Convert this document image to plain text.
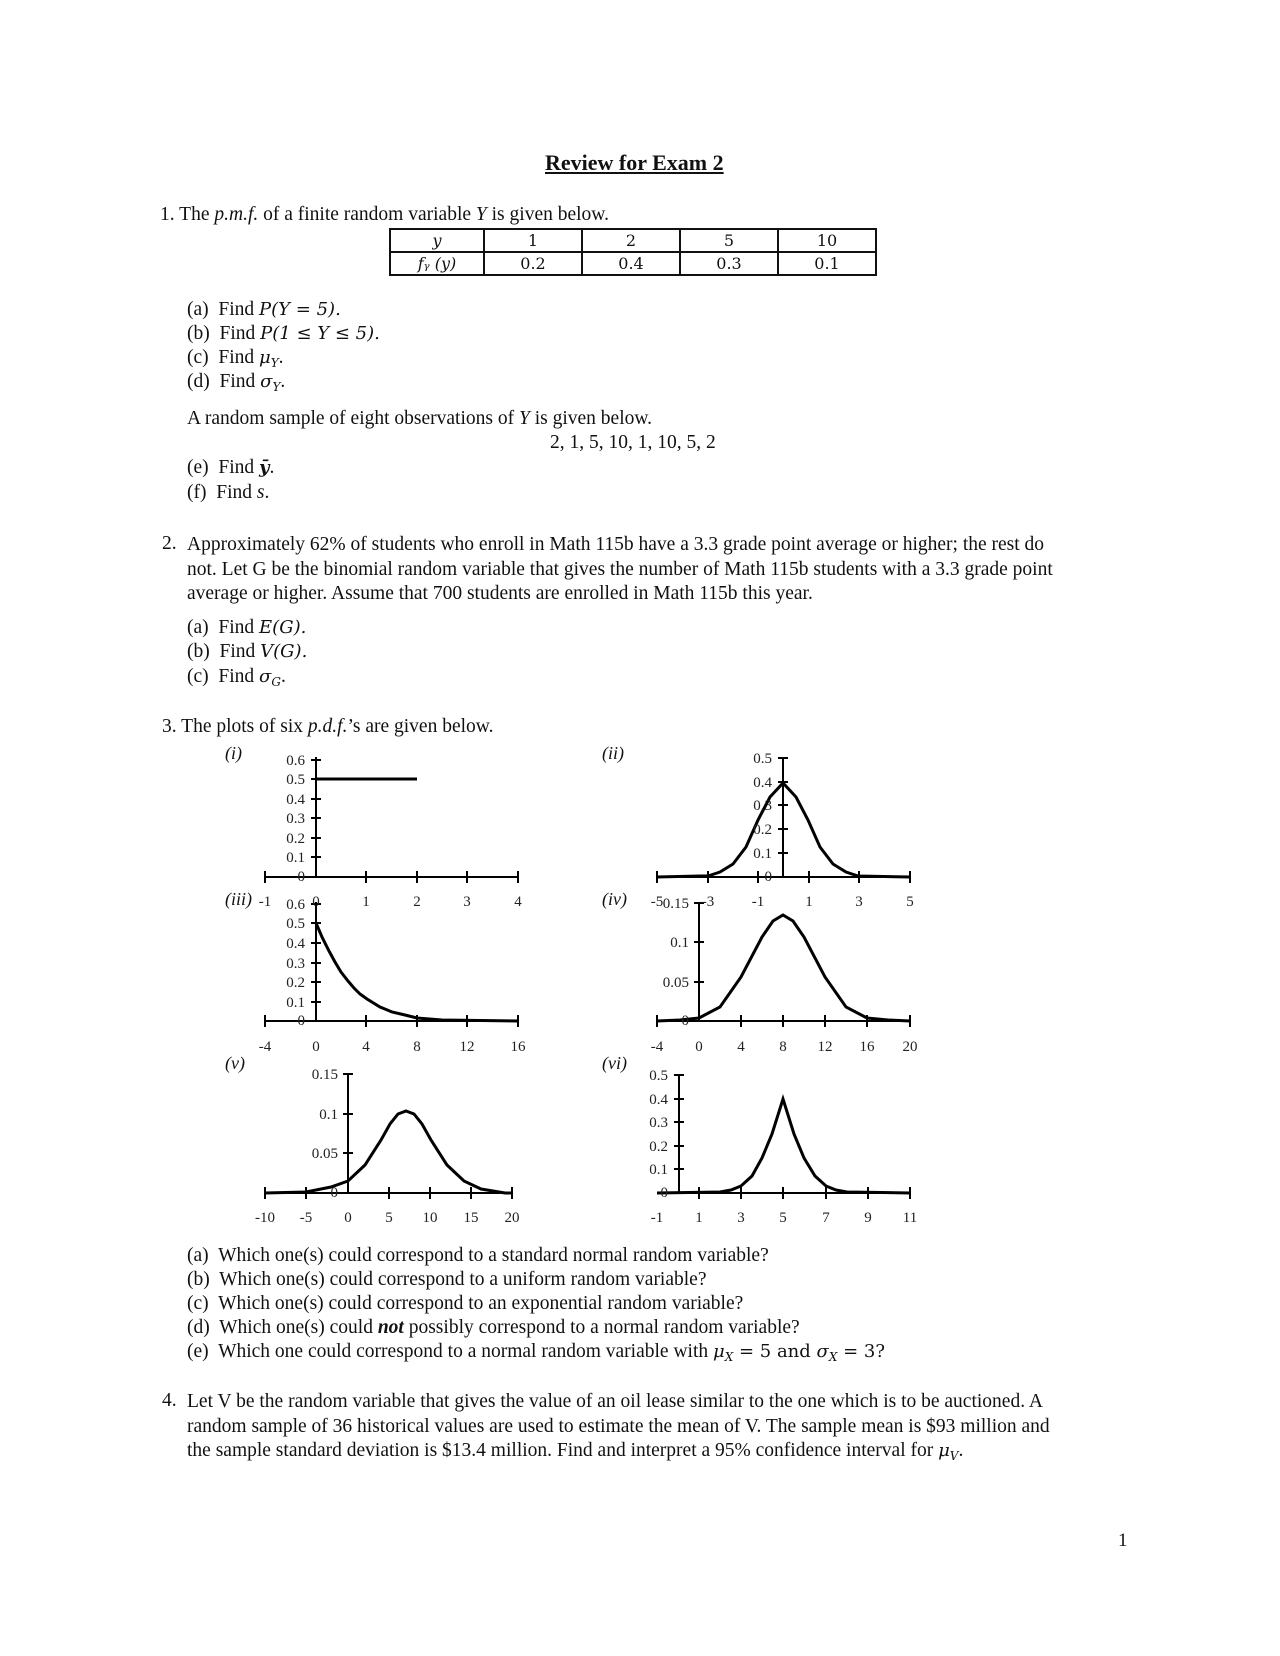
Review for Exam 2
1. The p.m.f. of a finite random variable Y is given below.
y	1	2	5	10
fᵧ (y)	0.2	0.4	0.3	0.1
(a) Find P(Y = 5).
(b) Find P(1 ≤ Y ≤ 5).
(c) Find $\mu_Y$.
(d) Find $\sigma_Y$.
A random sample of eight observations of Y is given below.
2, 1, 5, 10, 1, 10, 5, 2
(e) Find ȳ.
(f) Find s.
2. Approximately 62% of students who enroll in Math 115b have a 3.3 grade point average or higher; the rest do
not. Let G be the binomial random variable that gives the number of Math 115b students with a 3.3 grade point
average or higher. Assume that 700 students are enrolled in Math 115b this year.
(a) Find E(G).
(b) Find V(G).
(c) Find $\sigma_G$.
3. The plots of six p.d.f.’s are given below.
(i)	(ii)
(iii)	(iv)
(v)	(vi)
0.6
0.5
0.4
0.3
0.2
0.1
0
-1	0	1	2	3	4
0.5
0.4
0.3
0.2
0.1
0
-5	-3	-1	1	3	5
0.6
0.5
0.4
0.3
0.2
0.1
0
-4	0	4	8	12 16
0.15
0.1
0.05
0
-4 0 4 8 12 16 20
0.15
0.1
0.05
0
-10 -5 0 5 10 15 20
0.5
0.4
0.3
0.2
0.1
0
-1 1 3 5 7 9 11
(a) Which one(s) could correspond to a standard normal random variable?
(b) Which one(s) could correspond to a uniform random variable?
(c) Which one(s) could correspond to an exponential random variable?
(d) Which one(s) could not possibly correspond to a normal random variable?
(e) Which one could correspond to a normal random variable with $\mu_X = 5$ and $\sigma_X = 3$?
4. Let V be the random variable that gives the value of an oil lease similar to the one which is to be auctioned. A
random sample of 36 historical values are used to estimate the mean of V. The sample mean is $93 million and
the sample standard deviation is $13.4 million. Find and interpret a 95% confidence interval for $\mu_V$.
1
